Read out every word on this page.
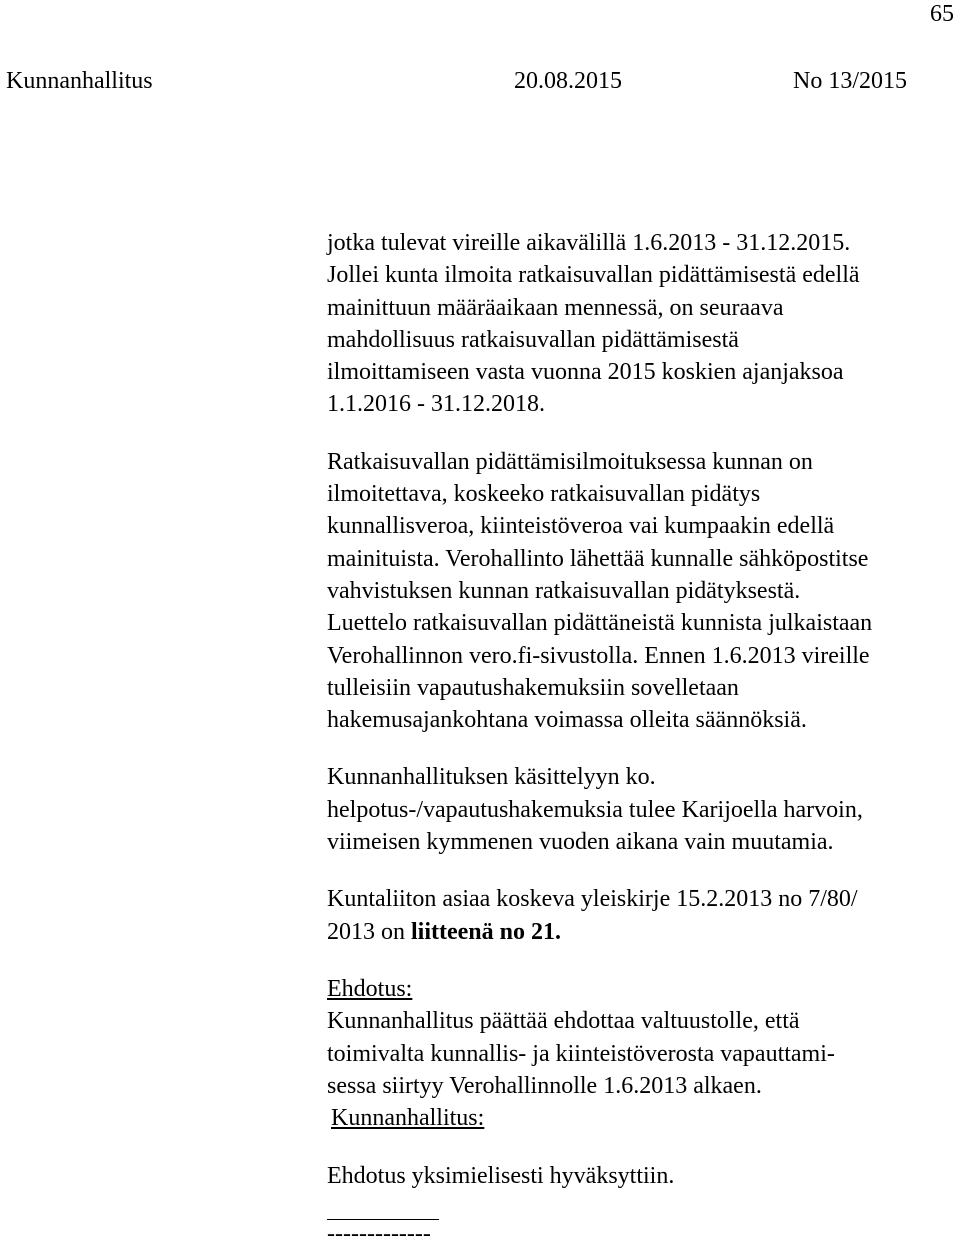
65
Kunnanhallitus	20.08.2015	No 13/2015
jotka tulevat vireille aikavälillä 1.6.2013 - 31.12.2015.
Jollei kunta ilmoita ratkaisuvallan pidättämisestä edellä
mainittuun määräaikaan mennessä, on seuraava
mahdollisuus ratkaisuvallan pidättämisestä
ilmoittamiseen vasta vuonna 2015 koskien ajanjaksoa
1.1.2016 - 31.12.2018.
Ratkaisuvallan pidättämisilmoituksessa kunnan on
ilmoitettava, koskeeko ratkaisuvallan pidätys
kunnallisveroa, kiinteistöveroa vai kumpaakin edellä
mainituista. Verohallinto lähettää kunnalle sähköpostitse
vahvistuksen kunnan ratkaisuvallan pidätyksestä.
Luettelo ratkaisuvallan pidättäneistä kunnista julkaistaan
Verohallinnon vero.fi-sivustolla. Ennen 1.6.2013 vireille
tulleisiin vapautushakemuksiin sovelletaan
hakemusajankohtana voimassa olleita säännöksiä.
Kunnanhallituksen käsittelyyn ko.
helpotus-/vapautushakemuksia tulee Karijoella harvoin,
viimeisen kymmenen vuoden aikana vain muutamia.
Kuntaliiton asiaa koskeva yleiskirje 15.2.2013 no 7/80/
2013 on liitteenä no 21.
Ehdotus:
Kunnanhallitus päättää ehdottaa valtuustolle, että
toimivalta kunnallis- ja kiinteistöverosta vapauttami-
sessa siirtyy Verohallinnolle 1.6.2013 alkaen.
Kunnanhallitus:
Ehdotus yksimielisesti hyväksyttiin.
-------------
